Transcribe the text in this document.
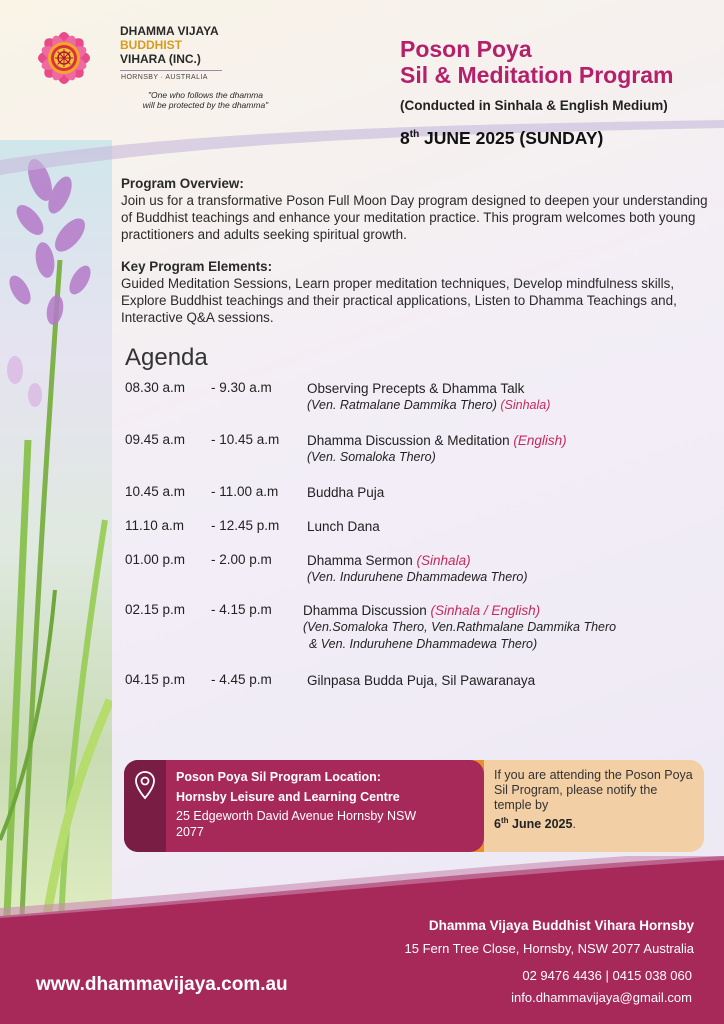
DHAMMA VIJAYA
BUDDHIST
VIHARA (INC.)
HORNSBY · AUSTRALIA
"One who follows the dhamma
will be protected by the dhamma"
Poson Poya
Sil & Meditation Program
(Conducted in Sinhala & English Medium)
8th JUNE 2025 (SUNDAY)
Program Overview:
Join us for a transformative Poson Full Moon Day program designed to deepen your understanding of Buddhist teachings and enhance your meditation practice. This program welcomes both young practitioners and adults seeking spiritual growth.
Key Program Elements:
Guided Meditation Sessions, Learn proper meditation techniques, Develop mindfulness skills, Explore Buddhist teachings and their practical applications, Listen to Dhamma Teachings and, Interactive Q&A sessions.
Agenda
08.30 a.m - 9.30 a.m	Observing Precepts & Dhamma Talk
(Ven. Ratmalane Dammika Thero) (Sinhala)
09.45 a.m - 10.45 a.m Dhamma Discussion & Meditation (English)
(Ven. Somaloka Thero)
10.45 a.m - 11.00 a.m Buddha Puja
11.10 a.m - 12.45 p.m Lunch Dana
01.00 p.m - 2.00 p.m	Dhamma Sermon (Sinhala)
(Ven. Induruhene Dhammadewa Thero)
02.15 p.m - 4.15 p.m Dhamma Discussion (Sinhala / English)
(Ven.Somaloka Thero, Ven.Rathmalane Dammika Thero
& Ven. Induruhene Dhammadewa Thero)
04.15 p.m - 4.45 p.m	Gilnpasa Budda Puja, Sil Pawaranaya
If you are attending the Poson Poya Sil Program, please notify the temple by
6th June 2025.
Poson Poya Sil Program Location:
Hornsby Leisure and Learning Centre
25 Edgeworth David Avenue Hornsby NSW 2077
www.dhammavijaya.com.au
Dhamma Vijaya Buddhist Vihara Hornsby
15 Fern Tree Close, Hornsby, NSW 2077 Australia
02 9476 4436 | 0415 038 060
info.dhammavijaya@gmail.com
